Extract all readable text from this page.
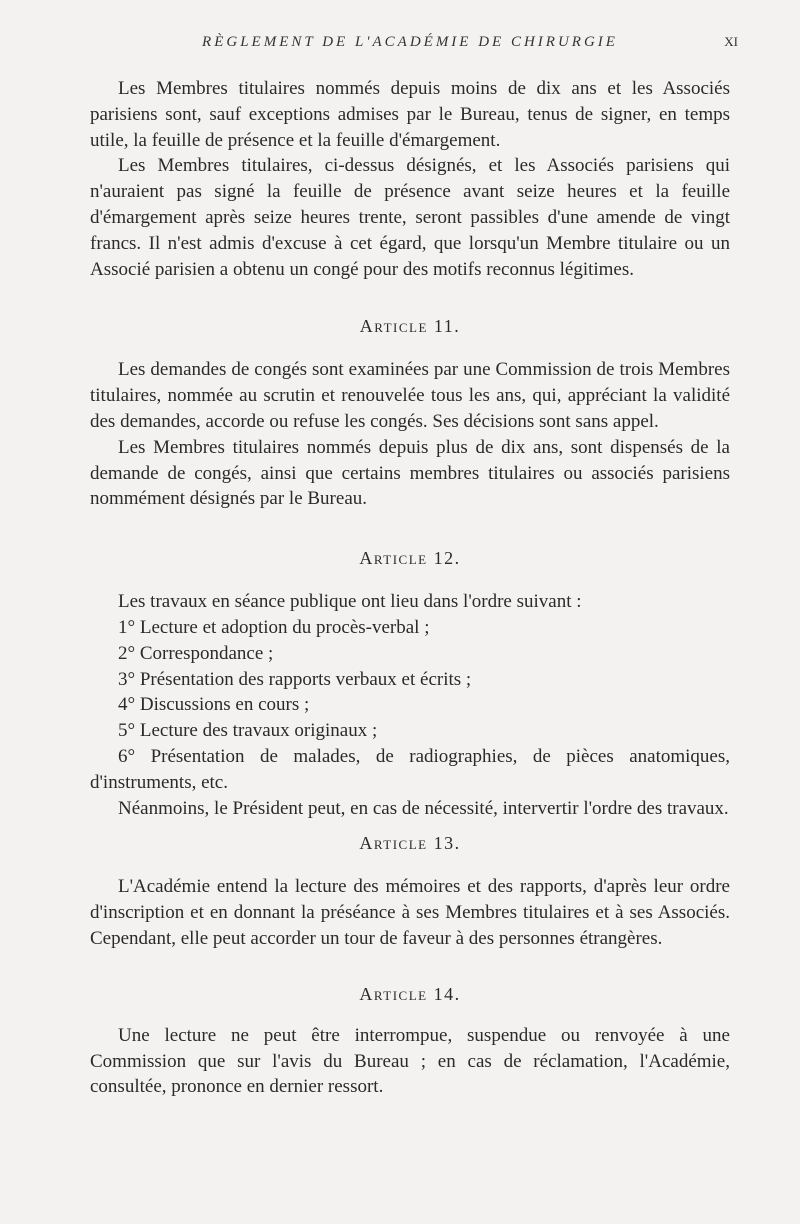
RÈGLEMENT DE L'ACADÉMIE DE CHIRURGIE	XI

Les Membres titulaires nommés depuis moins de dix ans et les Associés parisiens sont, sauf exceptions admises par le Bureau, tenus de signer, en temps utile, la feuille de présence et la feuille d'émargement.

Les Membres titulaires, ci-dessus désignés, et les Associés parisiens qui n'auraient pas signé la feuille de présence avant seize heures et la feuille d'émargement après seize heures trente, seront passibles d'une amende de vingt francs. Il n'est admis d'excuse à cet égard, que lorsqu'un Membre titulaire ou un Associé parisien a obtenu un congé pour des motifs reconnus légitimes.

Article 11.

Les demandes de congés sont examinées par une Commission de trois Membres titulaires, nommée au scrutin et renouvelée tous les ans, qui, appréciant la validité des demandes, accorde ou refuse les congés. Ses décisions sont sans appel.

Les Membres titulaires nommés depuis plus de dix ans, sont dispensés de la demande de congés, ainsi que certains membres titulaires ou associés parisiens nommément désignés par le Bureau.

Article 12.

Les travaux en séance publique ont lieu dans l'ordre suivant :

1° Lecture et adoption du procès-verbal ;

2° Correspondance ;

3° Présentation des rapports verbaux et écrits ;

4° Discussions en cours ;

5° Lecture des travaux originaux ;

6° Présentation de malades, de radiographies, de pièces anatomiques, d'instruments, etc.

Néanmoins, le Président peut, en cas de nécessité, intervertir l'ordre des travaux.

Article 13.

L'Académie entend la lecture des mémoires et des rapports, d'après leur ordre d'inscription et en donnant la préséance à ses Membres titulaires et à ses Associés. Cependant, elle peut accorder un tour de faveur à des personnes étrangères.

Article 14.

Une lecture ne peut être interrompue, suspendue ou renvoyée à une Commission que sur l'avis du Bureau ; en cas de réclamation, l'Académie, consultée, prononce en dernier ressort.
